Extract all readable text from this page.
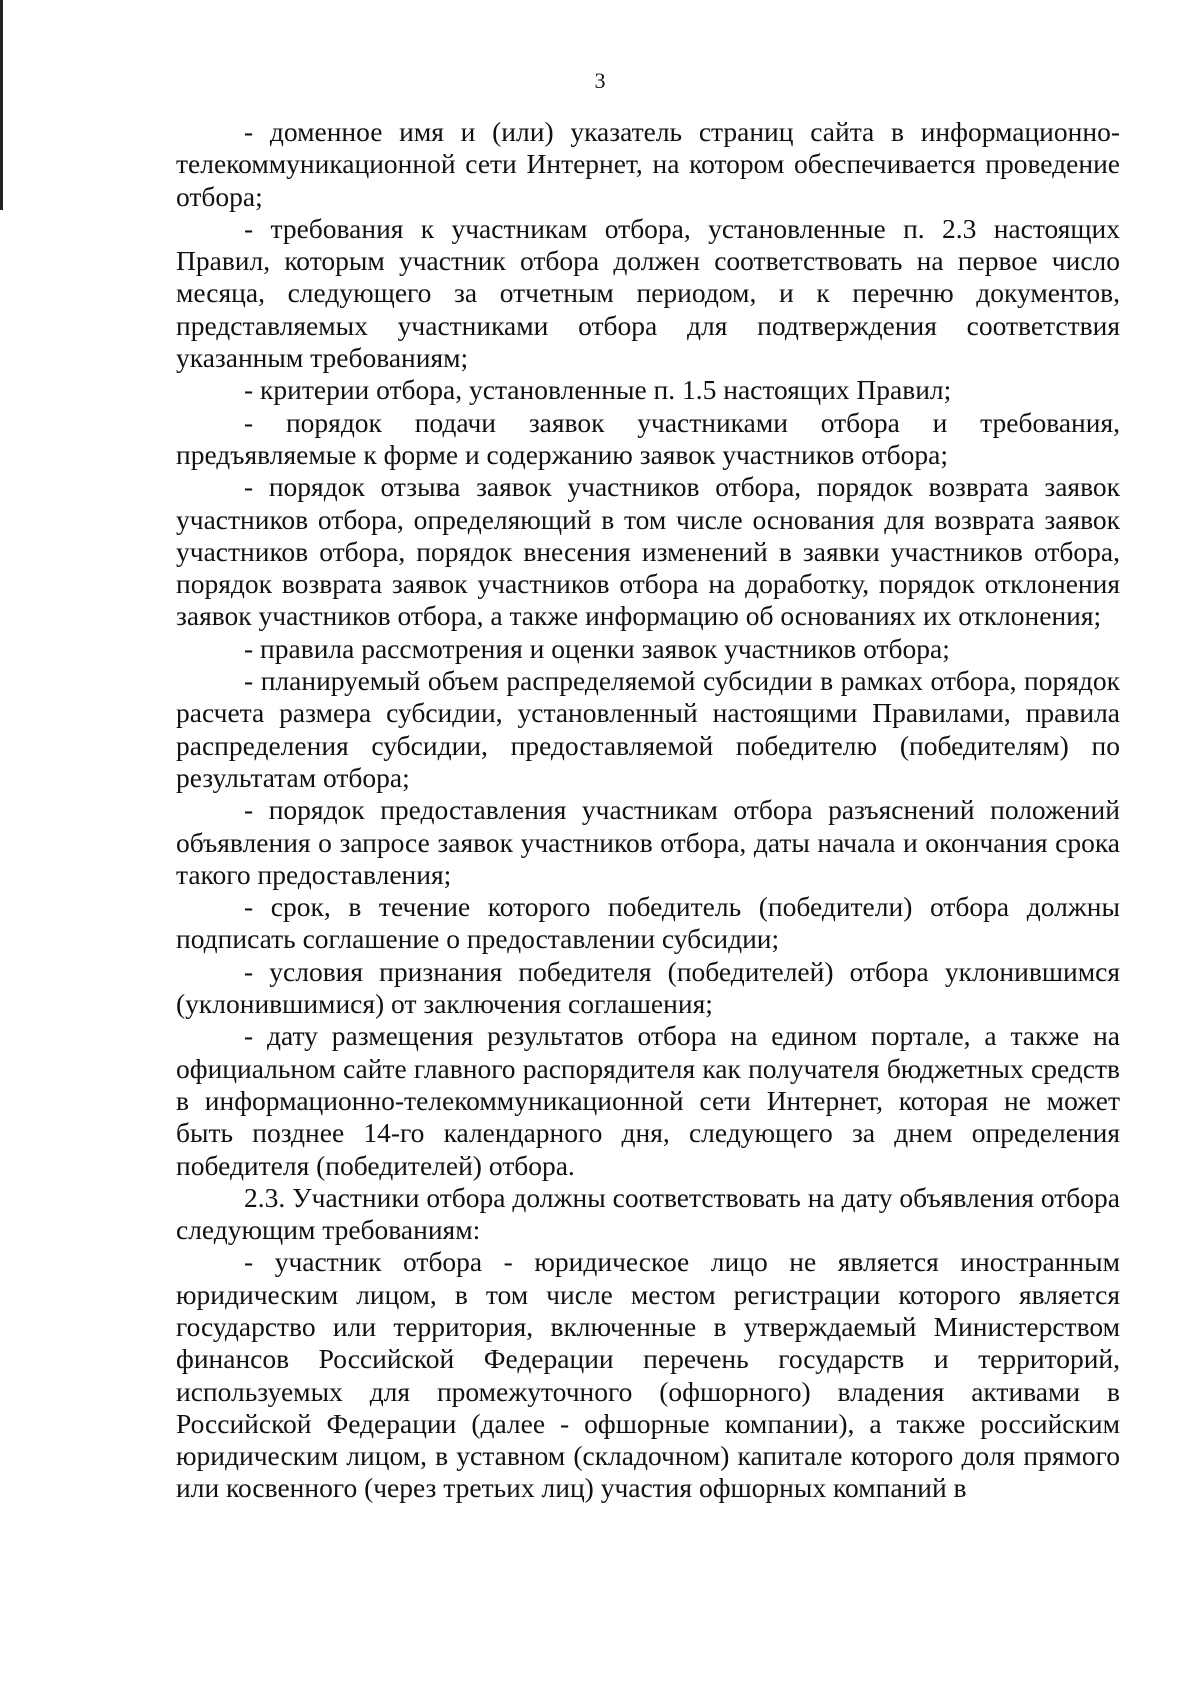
3

- доменное имя и (или) указатель страниц сайта в информационно-телекоммуникационной сети Интернет, на котором обеспечивается проведение отбора;

- требования к участникам отбора, установленные п. 2.3 настоящих Правил, которым участник отбора должен соответствовать на первое число месяца, следующего за отчетным периодом, и к перечню документов, представляемых участниками отбора для подтверждения соответствия указанным требованиям;

- критерии отбора, установленные п. 1.5 настоящих Правил;

- порядок подачи заявок участниками отбора и требования, предъявляемые к форме и содержанию заявок участников отбора;

- порядок отзыва заявок участников отбора, порядок возврата заявок участников отбора, определяющий в том числе основания для возврата заявок участников отбора, порядок внесения изменений в заявки участников отбора, порядок возврата заявок участников отбора на доработку, порядок отклонения заявок участников отбора, а также информацию об основаниях их отклонения;

- правила рассмотрения и оценки заявок участников отбора;

- планируемый объем распределяемой субсидии в рамках отбора, порядок расчета размера субсидии, установленный настоящими Правилами, правила распределения субсидии, предоставляемой победителю (победителям) по результатам отбора;

- порядок предоставления участникам отбора разъяснений положений объявления о запросе заявок участников отбора, даты начала и окончания срока такого предоставления;

- срок, в течение которого победитель (победители) отбора должны подписать соглашение о предоставлении субсидии;

- условия признания победителя (победителей) отбора уклонившимся (уклонившимися) от заключения соглашения;

- дату размещения результатов отбора на едином портале, а также на официальном сайте главного распорядителя как получателя бюджетных средств в информационно-телекоммуникационной сети Интернет, которая не может быть позднее 14-го календарного дня, следующего за днем определения победителя (победителей) отбора.

2.3. Участники отбора должны соответствовать на дату объявления отбора следующим требованиям:

- участник отбора - юридическое лицо не является иностранным юридическим лицом, в том числе местом регистрации которого является государство или территория, включенные в утверждаемый Министерством финансов Российской Федерации перечень государств и территорий, используемых для промежуточного (офшорного) владения активами в Российской Федерации (далее - офшорные компании), а также российским юридическим лицом, в уставном (складочном) капитале которого доля прямого или косвенного (через третьих лиц) участия офшорных компаний в
